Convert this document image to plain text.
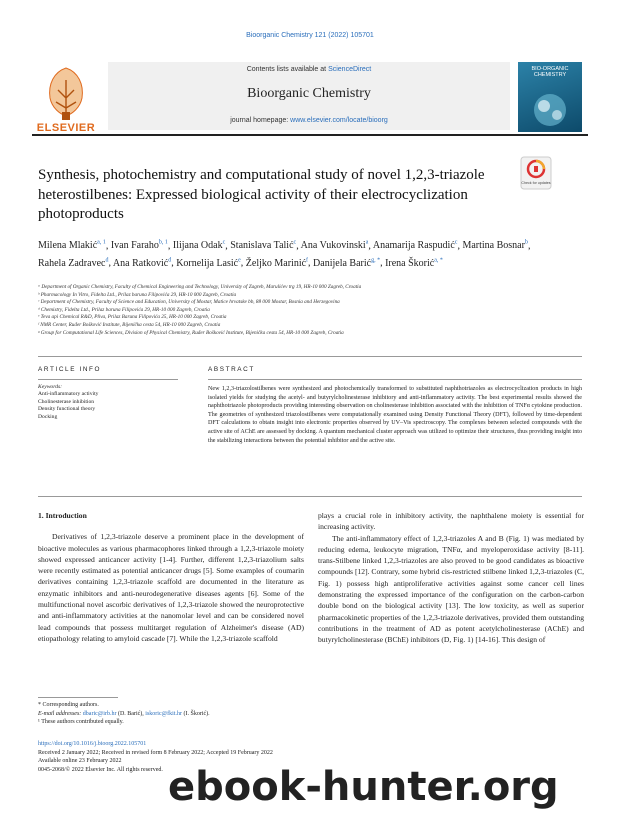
Bioorganic Chemistry 121 (2022) 105701
ELSEVIER
Contents lists available at ScienceDirect
Bioorganic Chemistry
journal homepage: www.elsevier.com/locate/bioorg
BIO-ORGANIC
CHEMISTRY
Synthesis, photochemistry and computational study of novel 1,2,3-triazole heterostilbenes: Expressed biological activity of their electrocyclization photoproducts
Check for updates
Milena Mlakić$^{a, 1}$, Ivan Faraho$^{b, 1}$, Ilijana Odak$^c$, Stanislava Talić$^c$, Ana Vukovinski$^a$, Anamarija Raspudić$^c$, Martina Bosnar$^b$, Rahela Zadravec$^d$, Ana Ratković$^d$, Kornelija Lasić$^e$, Željko Marinić$^f$, Danijela Barić$^{g, *}$, Irena Škorić$^{a, *}$
ᵃ Department of Organic Chemistry, Faculty of Chemical Engineering and Technology, University of Zagreb, Marulićev trg 19, HR-10 000 Zagreb, Croatia
ᵇ Pharmacology In Vitro, Fidelta Ltd., Prilaz baruna Filipovića 29, HR-10 000 Zagreb, Croatia
ᶜ Department of Chemistry, Faculty of Science and Education, University of Mostar, Matice hrvatske bb, 88 000 Mostar, Bosnia and Herzegovina
ᵈ Chemistry, Fidelta Ltd., Prilaz baruna Filipovića 29, HR-10 000 Zagreb, Croatia
ᵉ Teva api Chemical R&D, Pliva, Prilaz Baruna Filipovića 25, HR-10 000 Zagreb, Croatia
ᶠ NMR Center, Ruđer Bošković Institute, Bijenička cesta 54, HR-10 000 Zagreb, Croatia
ᵍ Group for Computational Life Sciences, Division of Physical Chemistry, Ruđer Bošković Institute, Bijenička cesta 54, HR-10 000 Zagreb, Croatia
ARTICLE INFO	ABSTRACT
Keywords:
Anti-inflammatory activity
Cholinesterase inhibition
Density functional theory
Docking
New 1,2,3-triazolostilbenes were synthesized and photochemically transformed to substituted naphthotriazoles as electrocyclization products in high isolated yields for studying the acetyl- and butyrylcholinesterase inhibitory and anti-inflammatory activity. The best experimental results showed the naphthotriazole photoproducts providing interesting observation on cholinesterase inhibition associated with the inhibition of TNFα cytokine production. The geometries of synthesized triazolostilbenes were computationally examined using Density Functional Theory (DFT), followed by time-dependent DFT calculations to obtain insight into electronic properties observed by UV–Vis spectroscopy. The complexes between selected compounds with the active site of AChE are assessed by docking. A quantum mechanical cluster approach was utilized to optimize their structures, thus providing insight into the stabilizing interactions between the potential inhibitor and the active site.
1. Introduction

Derivatives of 1,2,3-triazole deserve a prominent place in the development of bioactive molecules as various pharmacophores linked through a 1,2,3-triazole moiety showed expressed anticancer activity [1-4]. Further, different 1,2,3-triazolium salts were recently estimated as potential anticancer drugs [5]. Some examples of coumarin derivatives containing 1,2,3-triazole scaffold are documented in the literature as enzymatic inhibitors and anti-neurodegenerative diseases agents [6]. Some of the multifunctional novel ascorbic derivatives of 1,2,3-triazole showed the neuroprotective and anti-inflammatory activities at the nanomolar level and can be considered novel lead compounds that possess multitarget regulation of Alzheimer's disease (AD) etiopathology relating to amyloid cascade [7]. While the 1,2,3-triazole scaffold

plays a crucial role in inhibitory activity, the naphthalene moiety is essential for increasing activity.

The anti-inflammatory effect of 1,2,3-triazoles A and B (Fig. 1) was mediated by reducing edema, leukocyte migration, TNFα, and myeloperoxidase activity [8-11]. trans-Stilbene linked 1,2,3-triazoles are also proved to be good candidates as bioactive compounds [12]. Contrary, some hybrid cis-restricted stilbene linked 1,2,3-triazoles (C, Fig. 1) possess high antiproliferative activities against some cancer cell lines demonstrating the expressed importance of the configuration on the carbon-carbon double bond on the biological activity [13]. The low toxicity, as well as superior pharmacokinetic properties of the 1,2,3-triazole derivatives, provided them outstanding contributions in the treatment of AD as potent acetylcholinesterase (AChE) and butyrylcholinesterase (BChE) inhibitors (D, Fig. 1) [14-16]. This design of

* Corresponding authors.
E-mail addresses: dbaric@irb.hr (D. Barić), iskoric@fkit.hr (I. Škorić).
¹ These authors contributed equally.
https://doi.org/10.1016/j.bioorg.2022.105701
Received 2 January 2022; Received in revised form 8 February 2022; Accepted 19 February 2022
Available online 23 February 2022
0045-2068/© 2022 Elsevier Inc. All rights reserved. ebook-hunter.org
